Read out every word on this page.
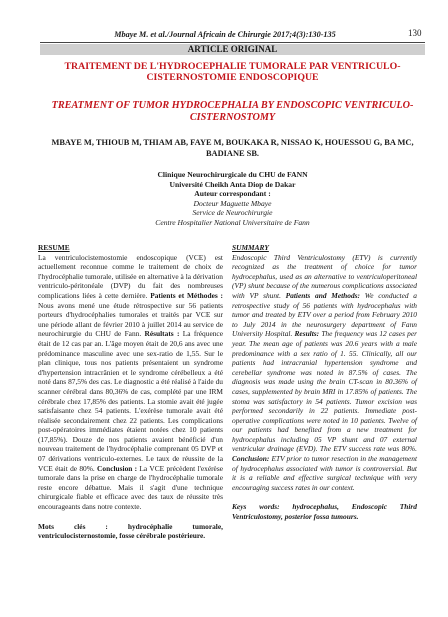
Mbaye M. et al./Journal Africain de Chirurgie 2017;4(3):130-135	130
ARTICLE ORIGINAL
TRAITEMENT DE L'HYDROCEPHALIE TUMORALE PAR VENTRICULO-CISTERNOSTOMIE ENDOSCOPIQUE
TREATMENT OF TUMOR HYDROCEPHALIA BY ENDOSCOPIC VENTRICULO-CISTERNOSTOMY
MBAYE M, THIOUB M, THIAM AB, FAYE M, BOUKAKA R, NISSAO K, HOUESSOU G, BA MC, BADIANE SB.
Clinique Neurochirurgicale du CHU de FANN
Université Cheikh Anta Diop de Dakar
Auteur correspondant :
Docteur Maguette Mbaye
Service de Neurochirurgie
Centre Hospitalier National Universitaire de Fann
RESUME

La ventriculocistemostomie endoscopique (VCE) est actuellement reconnue comme le traitement de choix de l'hydrocéphalie tumorale, utilisée en alternative à la dérivation ventriculo-péritonéale (DVP) du fait des nombreuses complications liées à cette dernière. Patients et Méthodes : Nous avons mené une étude rétrospective sur 56 patients porteurs d'hydrocéphalies tumorales et traités par VCE sur une période allant de février 2010 à juillet 2014 au service de neurochirurgie du CHU de Fann. Résultats : La fréquence était de 12 cas par an. L'âge moyen était de 20,6 ans avec une prédominance masculine avec une sex-ratio de 1,55. Sur le plan clinique, tous nos patients présentaient un syndrome d'hypertension intracrânien et le syndrome cérébelleux a été noté dans 87,5% des cas. Le diagnostic a été réalisé à l'aide du scanner cérébral dans 80,36% de cas, complété par une IRM cérébrale chez 17,85% des patients. La stomie avait été jugée satisfaisante chez 54 patients. L'exérèse tumorale avait été réalisée secondairement chez 22 patients. Les complications post-opératoires immédiates étaient notées chez 10 patients (17,85%). Douze de nos patients avaient bénéficié d'un nouveau traitement de l'hydrocéphalie comprenant 05 DVP et 07 dérivations ventriculo-externes. Le taux de réussite de la VCE était de 80%. Conclusion : La VCE précèdent l'exérèse tumorale dans la prise en charge de l'hydrocéphalie tumorale reste encore débattue. Mais il s'agit d'une technique chirurgicale fiable et efficace avec des taux de réussite très encourageants dans notre contexte.

Mots clés : hydrocéphalie tumorale, ventriculocisternostomie, fosse cérébrale postérieure.

SUMMARY

Endoscopic Third Ventriculostomy (ETV) is currently recognized as the treatment of choice for tumor hydrocephalus, used as an alternative to ventriculoperitoneal (VP) shunt because of the numerous complications associated with VP shunt. Patients and Methods: We conducted a retrospective study of 56 patients with hydrocephalus with tumor and treated by ETV over a period from February 2010 to July 2014 in the neurosurgery department of Fann University Hospital. Results: The frequency was 12 cases per year. The mean age of patients was 20.6 years with a male predominance with a sex ratio of 1. 55. Clinically, all our patients had intracranial hypertension syndrome and cerebellar syndrome was noted in 87.5% of cases. The diagnosis was made using the brain CT-scan in 80.36% of cases, supplemented by brain MRI in 17.85% of patients. The stoma was satisfactory in 54 patients. Tumor excision was performed secondarily in 22 patients. Immediate post-operative complications were noted in 10 patients. Twelve of our patients had benefited from a new treatment for hydrocephalus including 05 VP shunt and 07 external ventricular drainage (EVD). The ETV success rate was 80%. Conclusion: ETV prior to tumor resection in the management of hydrocephalus associated with tumor is controversial. But it is a reliable and effective surgical technique with very encouraging success rates in our context.

Keys words: hydrocephalus, Endoscopic Third Ventriculostomy, posterior fossa tumours.
